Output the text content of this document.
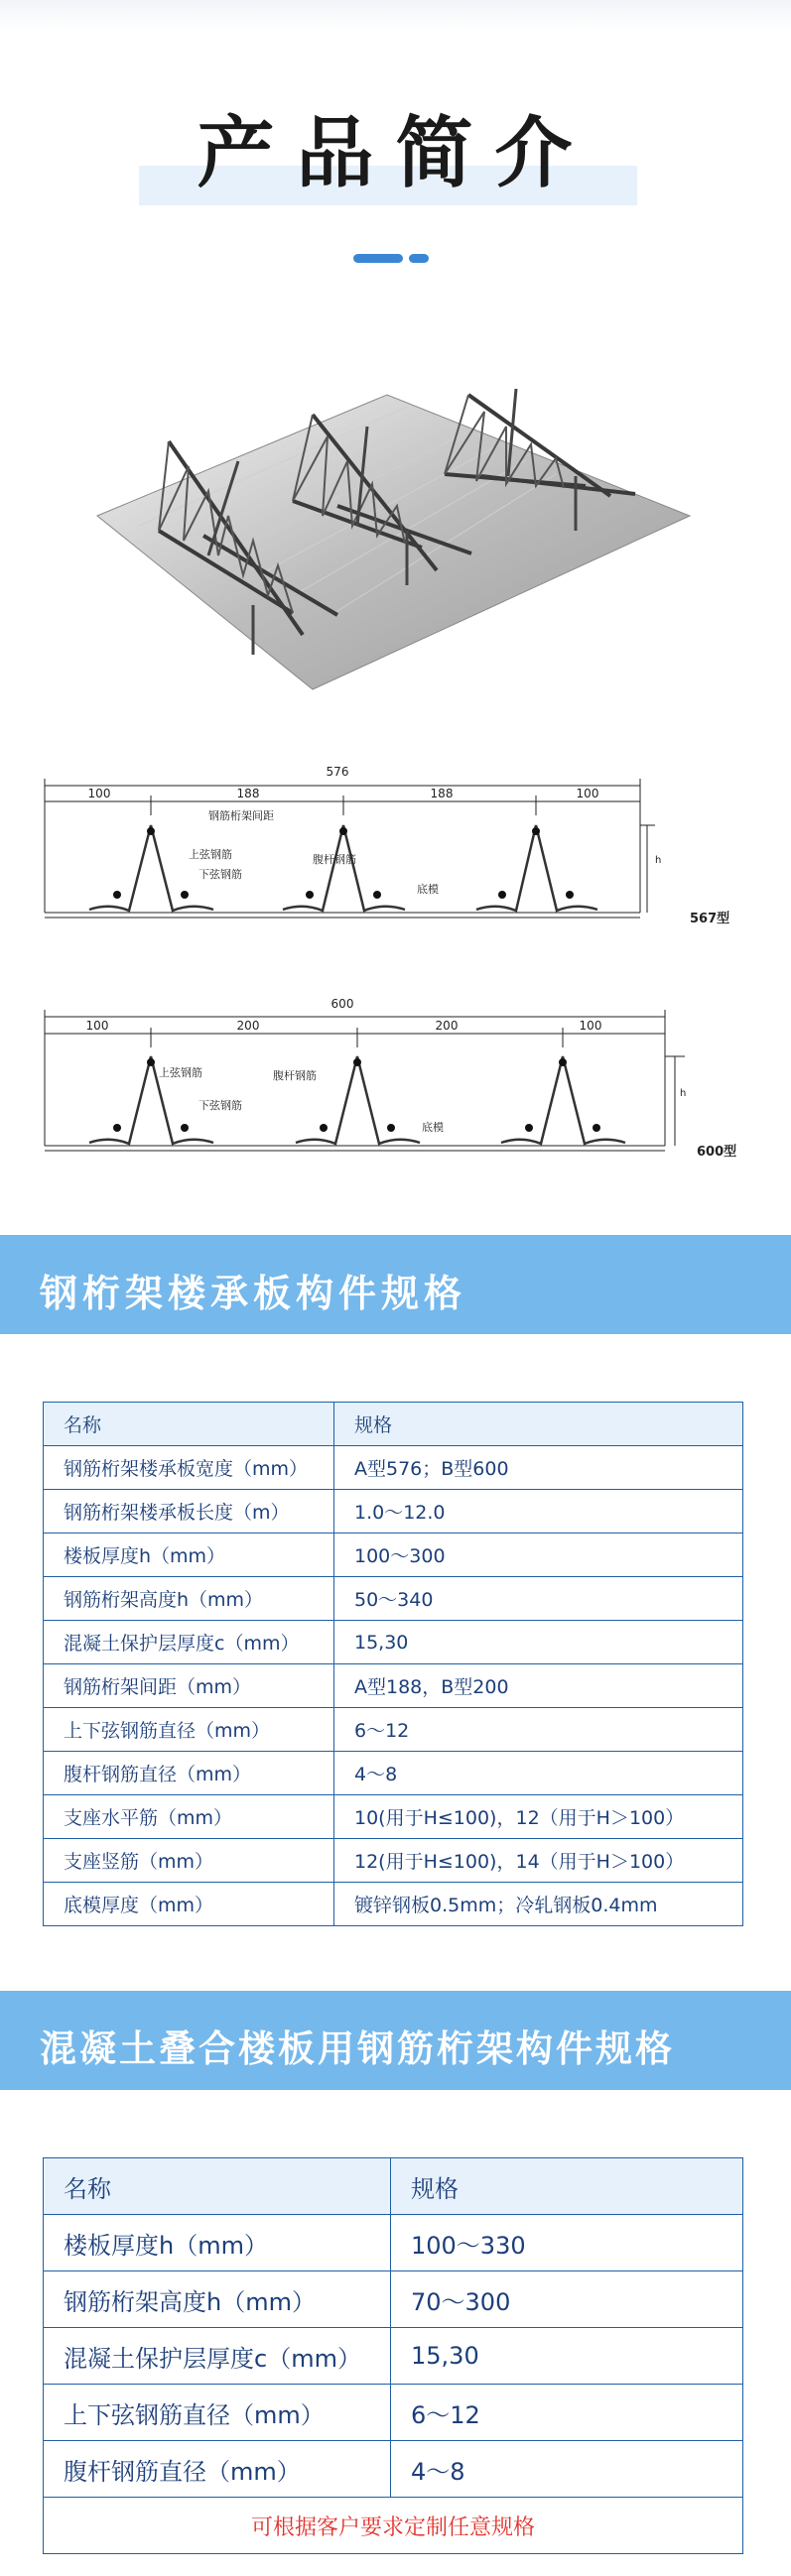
产品简介
576
100	188	188	100
钢筋桁架间距
上弦钢筋
下弦钢筋
腹杆钢筋
底模
h
567型
600
100	200	200	100
上弦钢筋
下弦钢筋
腹杆钢筋
底模
h
600型
钢桁架楼承板构件规格
名称	规格
钢筋桁架楼承板宽度（mm）	A型576；B型600
钢筋桁架楼承板长度（m）	1.0～12.0
楼板厚度h（mm）	100～300
钢筋桁架高度h（mm）	50～340
混凝土保护层厚度c（mm）	15,30
钢筋桁架间距（mm）	A型188，B型200
上下弦钢筋直径（mm）	6～12
腹杆钢筋直径（mm）	4～8
支座水平筋（mm）	10(用于H≤100)，12（用于H＞100）
支座竖筋（mm）	12(用于H≤100)，14（用于H＞100）
底模厚度（mm）	镀锌钢板0.5mm；冷轧钢板0.4mm
混凝土叠合楼板用钢筋桁架构件规格
名称	规格
楼板厚度h（mm）	100～330
钢筋桁架高度h（mm）	70～300
混凝土保护层厚度c（mm）	15,30
上下弦钢筋直径（mm）	6～12
腹杆钢筋直径（mm）	4～8
可根据客户要求定制任意规格	
